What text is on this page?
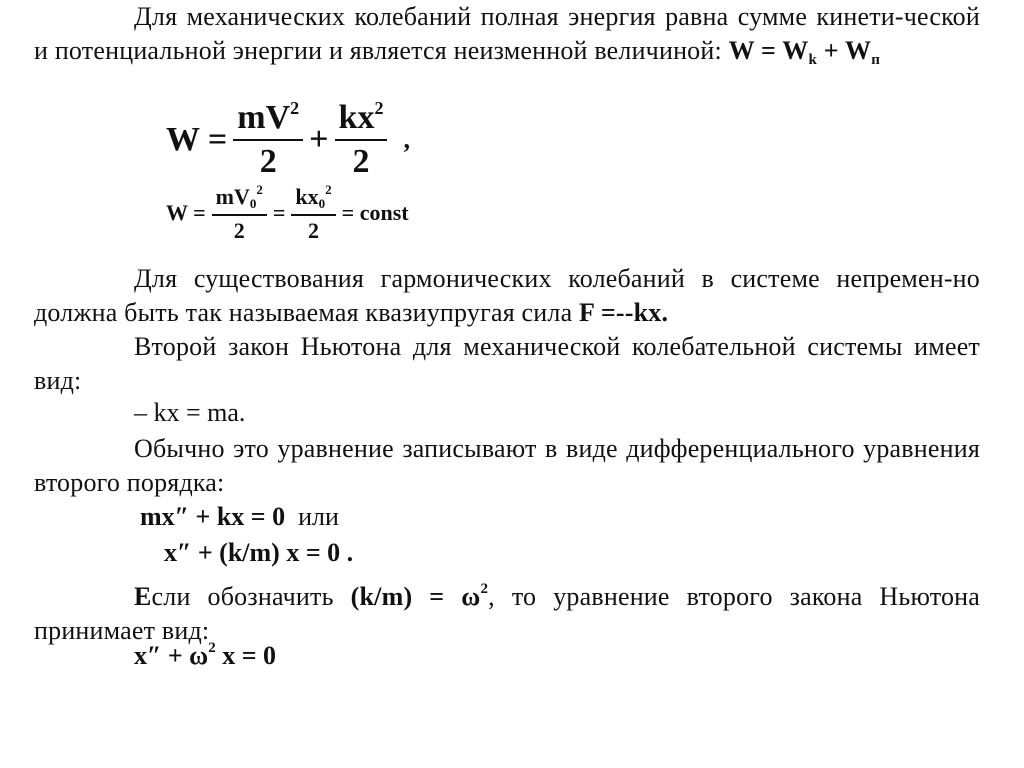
Для механических колебаний полная энергия равна сумме кинети-ческой и потенциальной энергии и является неизменной величиной: $W = W_k + W_п$
$W = \frac{mV^2}{2} + \frac{kx^2}{2}$ ,
$W = \frac{mV_0^2}{2} = \frac{kx_0^2}{2}$ = const
Для существования гармонических колебаний в системе непремен-но должна быть так называемая квазиупругая сила F =--kx.
Второй закон Ньютона для механической колебательной системы имеет вид:
– kx = ma.
Обычно это уравнение записывают в виде дифференциального уравнения второго порядка:
mx″ + kx = 0 или
x″ + (k/m) x = 0 .
Если обозначить $(k/m) = \omega^2$, то уравнение второго закона Ньютона принимает вид:
$x'' + \omega^2$ x = 0
